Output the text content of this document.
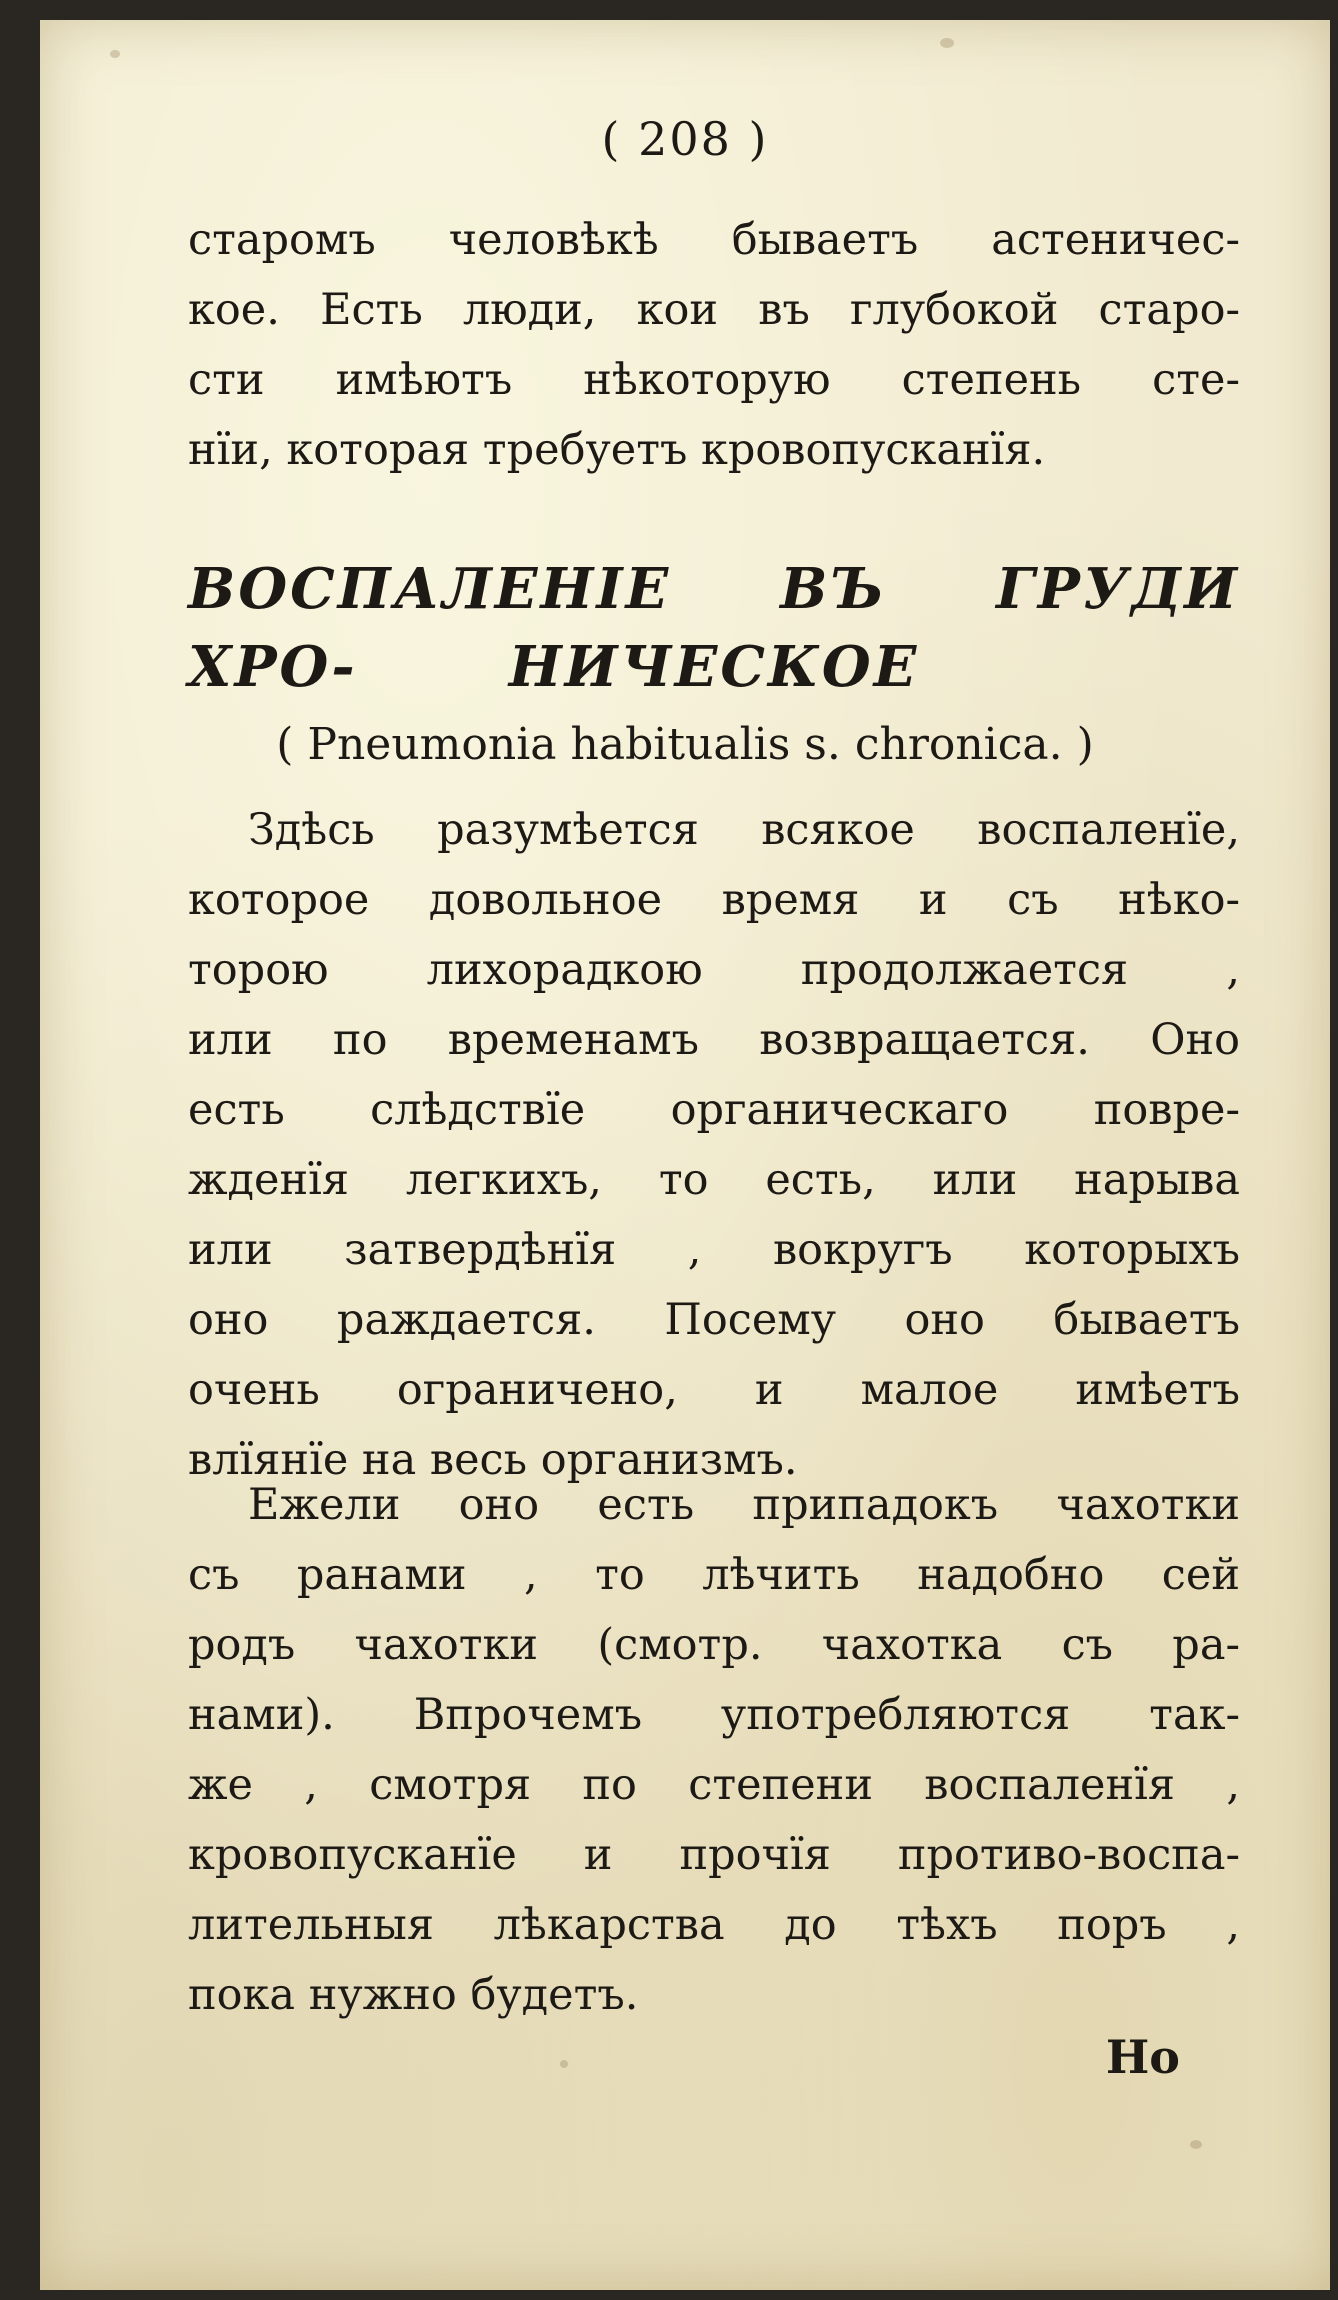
( 208 )
старомъ человѣкѣ бываетъ астеничес-
кое. Есть люди, кои въ глубокой старо-
сти имѣютъ нѣкоторую степень сте-
нïи, которая требуетъ кровопусканïя.
ВОСПАЛЕНIЕ ВЪ ГРУДИ ХРО-	НИЧЕСКОЕ
( Pneumonia habitualis s. chronica. )
Здѣсь разумѣется всякое воспаленïе,
которое довольное время и съ нѣко-
торою лихорадкою продолжается ,
или по временамъ возвращается. Оно
есть слѣдствïе органическаго повре-
жденïя легкихъ, то есть, или нарыва
или затвердѣнïя , вокругъ которыхъ
оно раждается. Посему оно бываетъ
очень ограничено, и малое имѣетъ
влïянïе на весь организмъ.
Ежели оно есть припадокъ чахотки
съ ранами , то лѣчить надобно сей
родъ чахотки (смотр. чахотка съ ра-
нами). Впрочемъ употребляются так-
же , смотря по степени воспаленïя ,
кровопусканïе и прочïя противо-воспа-
лительныя лѣкарства до тѣхъ поръ ,
пока нужно будетъ.
Но
